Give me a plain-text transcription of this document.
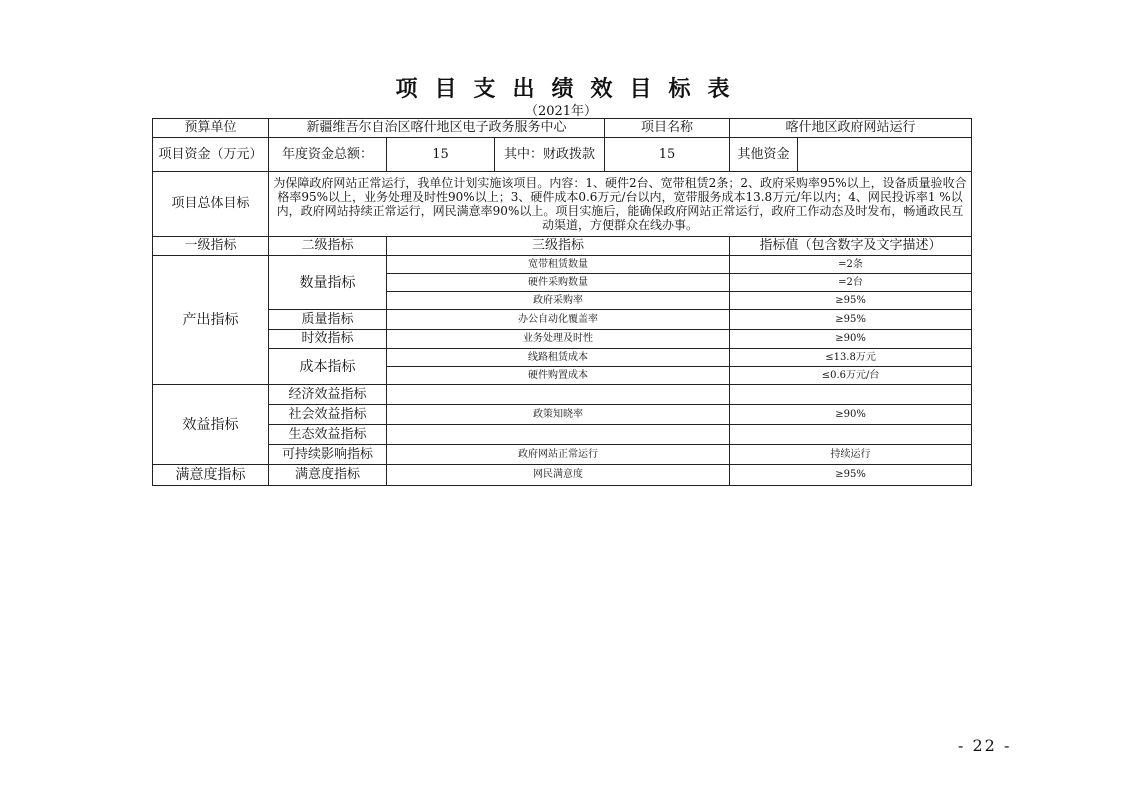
项目支出绩效目标表
（2021年）
预算单位	新疆维吾尔自治区喀什地区电子政务服务中心			项目名称	喀什地区政府网站运行	
项目资金（万元）	年度资金总额：	15	其中：财政拨款	15	其他资金	
项目总体目标	为保障政府网站正常运行，我单位计划实施该项目。内容：1、硬件2台、宽带租赁2条；2、政府采购率95%以上，设备质量验收合格率95%以上，业务处理及时性90%以上；3、硬件成本0.6万元/台以内，宽带服务成本13.8万元/年以内；4、网民投诉率1 %以内，政府网站持续正常运行，网民满意率90%以上。项目实施后，能确保政府网站正常运行，政府工作动态及时发布，畅通政民互动渠道，方便群众在线办事。					
一级指标	二级指标	三级指标			指标值（包含数字及文字描述）	
产出指标	数量指标	宽带租赁数量			=2条	
		硬件采购数量			=2台	
		政府采购率			≥95%	
	质量指标	办公自动化覆盖率			≥95%	
	时效指标	业务处理及时性			≥90%	
	成本指标	线路租赁成本			≤13.8万元	
		硬件购置成本			≤0.6万元/台	
效益指标	经济效益指标					
	社会效益指标	政策知晓率			≥90%	
	生态效益指标					
	可持续影响指标	政府网站正常运行			持续运行	
满意度指标	满意度指标	网民满意度			≥95%	
- 22 -
